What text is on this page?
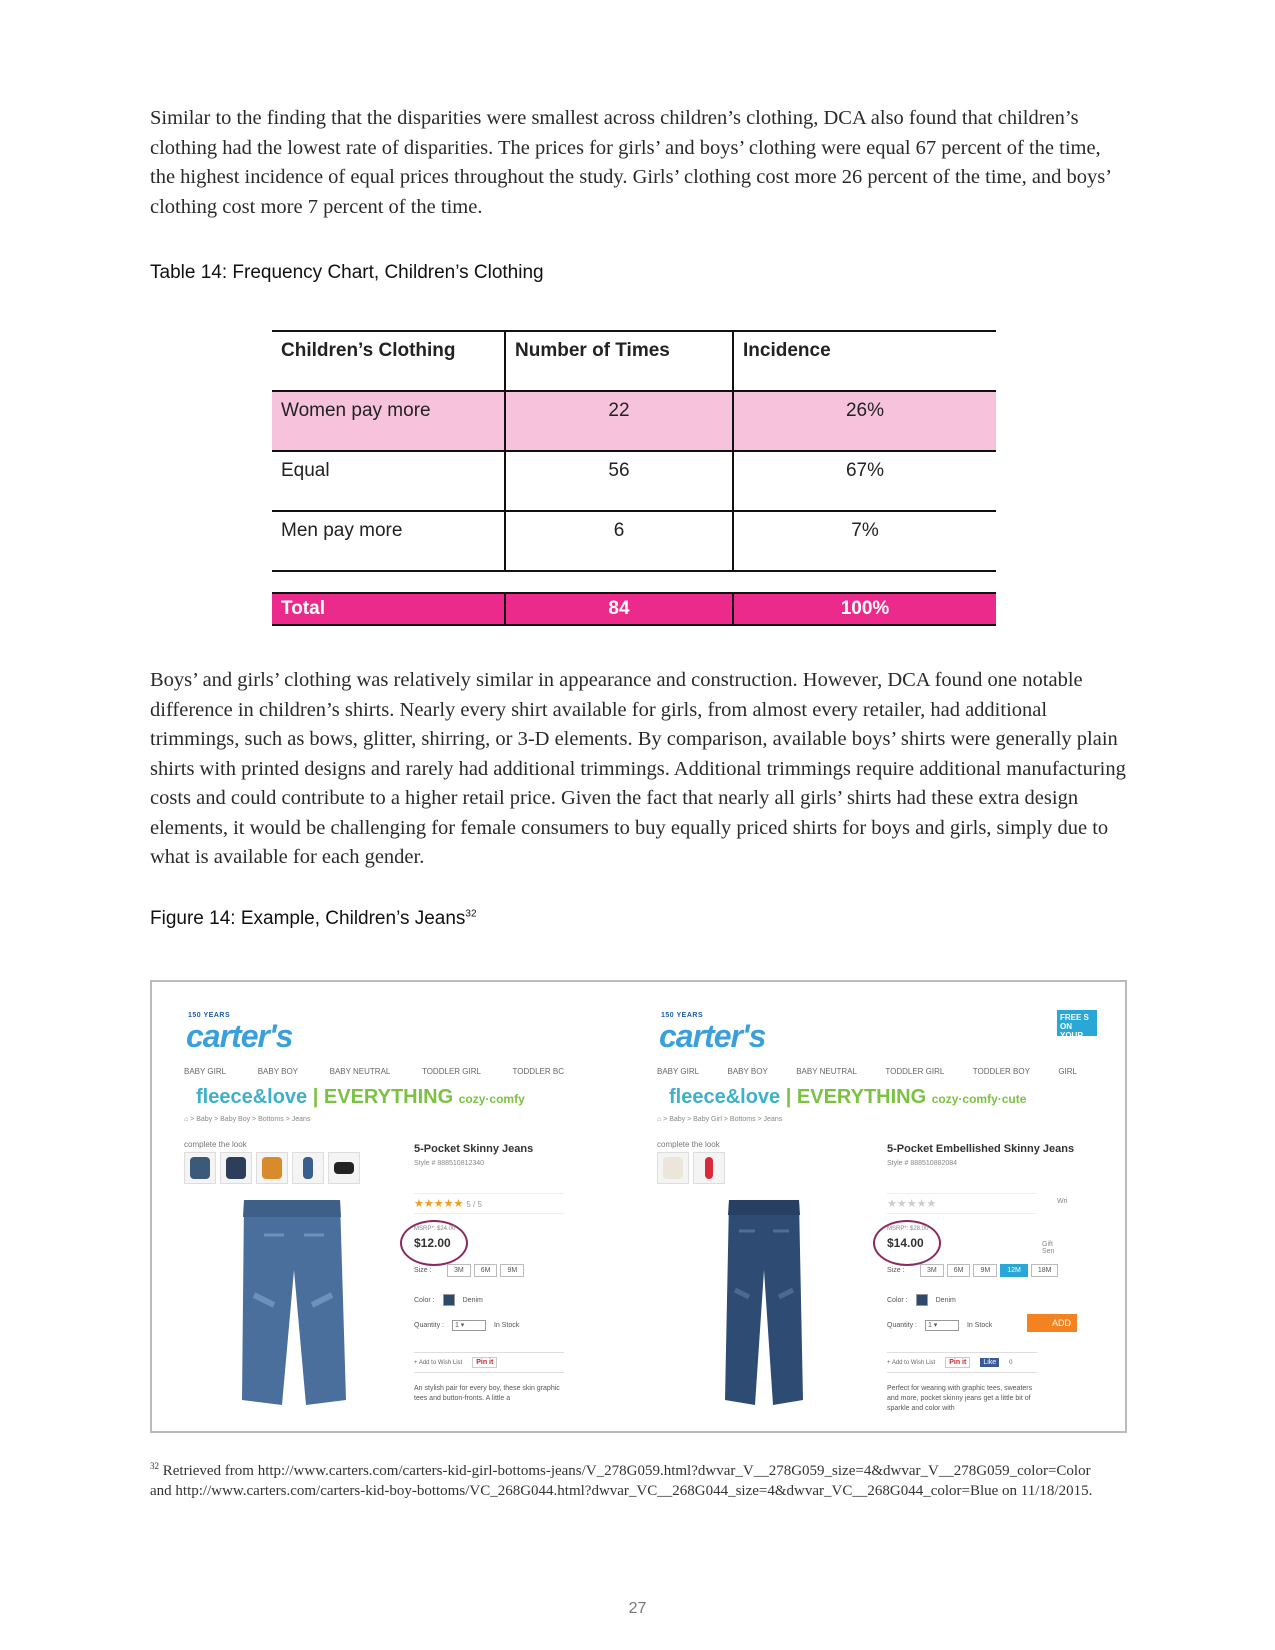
Similar to the finding that the disparities were smallest across children’s clothing, DCA also found that children’s clothing had the lowest rate of disparities. The prices for girls’ and boys’ clothing were equal 67 percent of the time, the highest incidence of equal prices throughout the study. Girls’ clothing cost more 26 percent of the time, and boys’ clothing cost more 7 percent of the time.

Table 14: Frequency Chart, Children’s Clothing
Children’s Clothing	Number of Times	Incidence
Women pay more	22	26%
Equal	56	67%
Men pay more	6	7%

Total	84	100%

Boys’ and girls’ clothing was relatively similar in appearance and construction. However, DCA found one notable difference in children’s shirts. Nearly every shirt available for girls, from almost every retailer, had additional trimmings, such as bows, glitter, shirring, or 3-D elements. By comparison, available boys’ shirts were generally plain shirts with printed designs and rarely had additional trimmings. Additional trimmings require additional manufacturing costs and could contribute to a higher retail price. Given the fact that nearly all girls’ shirts had these extra design elements, it would be challenging for female consumers to buy equally priced shirts for boys and girls, simply due to what is available for each gender.

Figure 14: Example, Children’s Jeans$^{32}$
150 YEARS
carter's
BABY GIRL	BABY BOY	BABY NEUTRAL	TODDLER GIRL	TODDLER BC
fleece&love | EVERYTHING cozy·comfy
⌂ > Baby > Baby Boy > Bottoms > Jeans
complete the look	5-Pocket Skinny Jeans
Style # 888510812340
★★★★★ 5 / 5
MSRP*: $24.00
$12.00
Size :	3M	6M	9M
Color :	Denim
Quantity :	1 ▾	In Stock
+ Add to Wish List	Pin it
An stylish pair for every boy, these skin graphic tees and button-fronts. A little a
150 YEARS
carter's
FREE S ON YOUR
BABY GIRL	BABY BOY	BABY NEUTRAL	TODDLER GIRL	TODDLER BOY	GIRL
fleece&love | EVERYTHING cozy·comfy·cute
⌂ > Baby > Baby Girl > Bottoms > Jeans
complete the look	5-Pocket Embellished Skinny Jeans
Style # 888510882084
★★★★★	Wri
MSRP*: $28.00
$14.00	Gift Sen
Size :	3M	6M	9M	12M	18M
Color :	Denim
Quantity :	1 ▾	In Stock	ADD
+ Add to Wish List	Pin it	Like	0
Perfect for wearing with graphic tees, sweaters and more, pocket skinny jeans get a little bit of sparkle and color with
$^{32}$ Retrieved from http://www.carters.com/carters-kid-girl-bottoms-jeans/V_278G059.html?dwvar_V__278G059_size=4&dwvar_V__278G059_color=Color and http://www.carters.com/carters-kid-boy-bottoms/VC_268G044.html?dwvar_VC__268G044_size=4&dwvar_VC__268G044_color=Blue on 11/18/2015.
27
